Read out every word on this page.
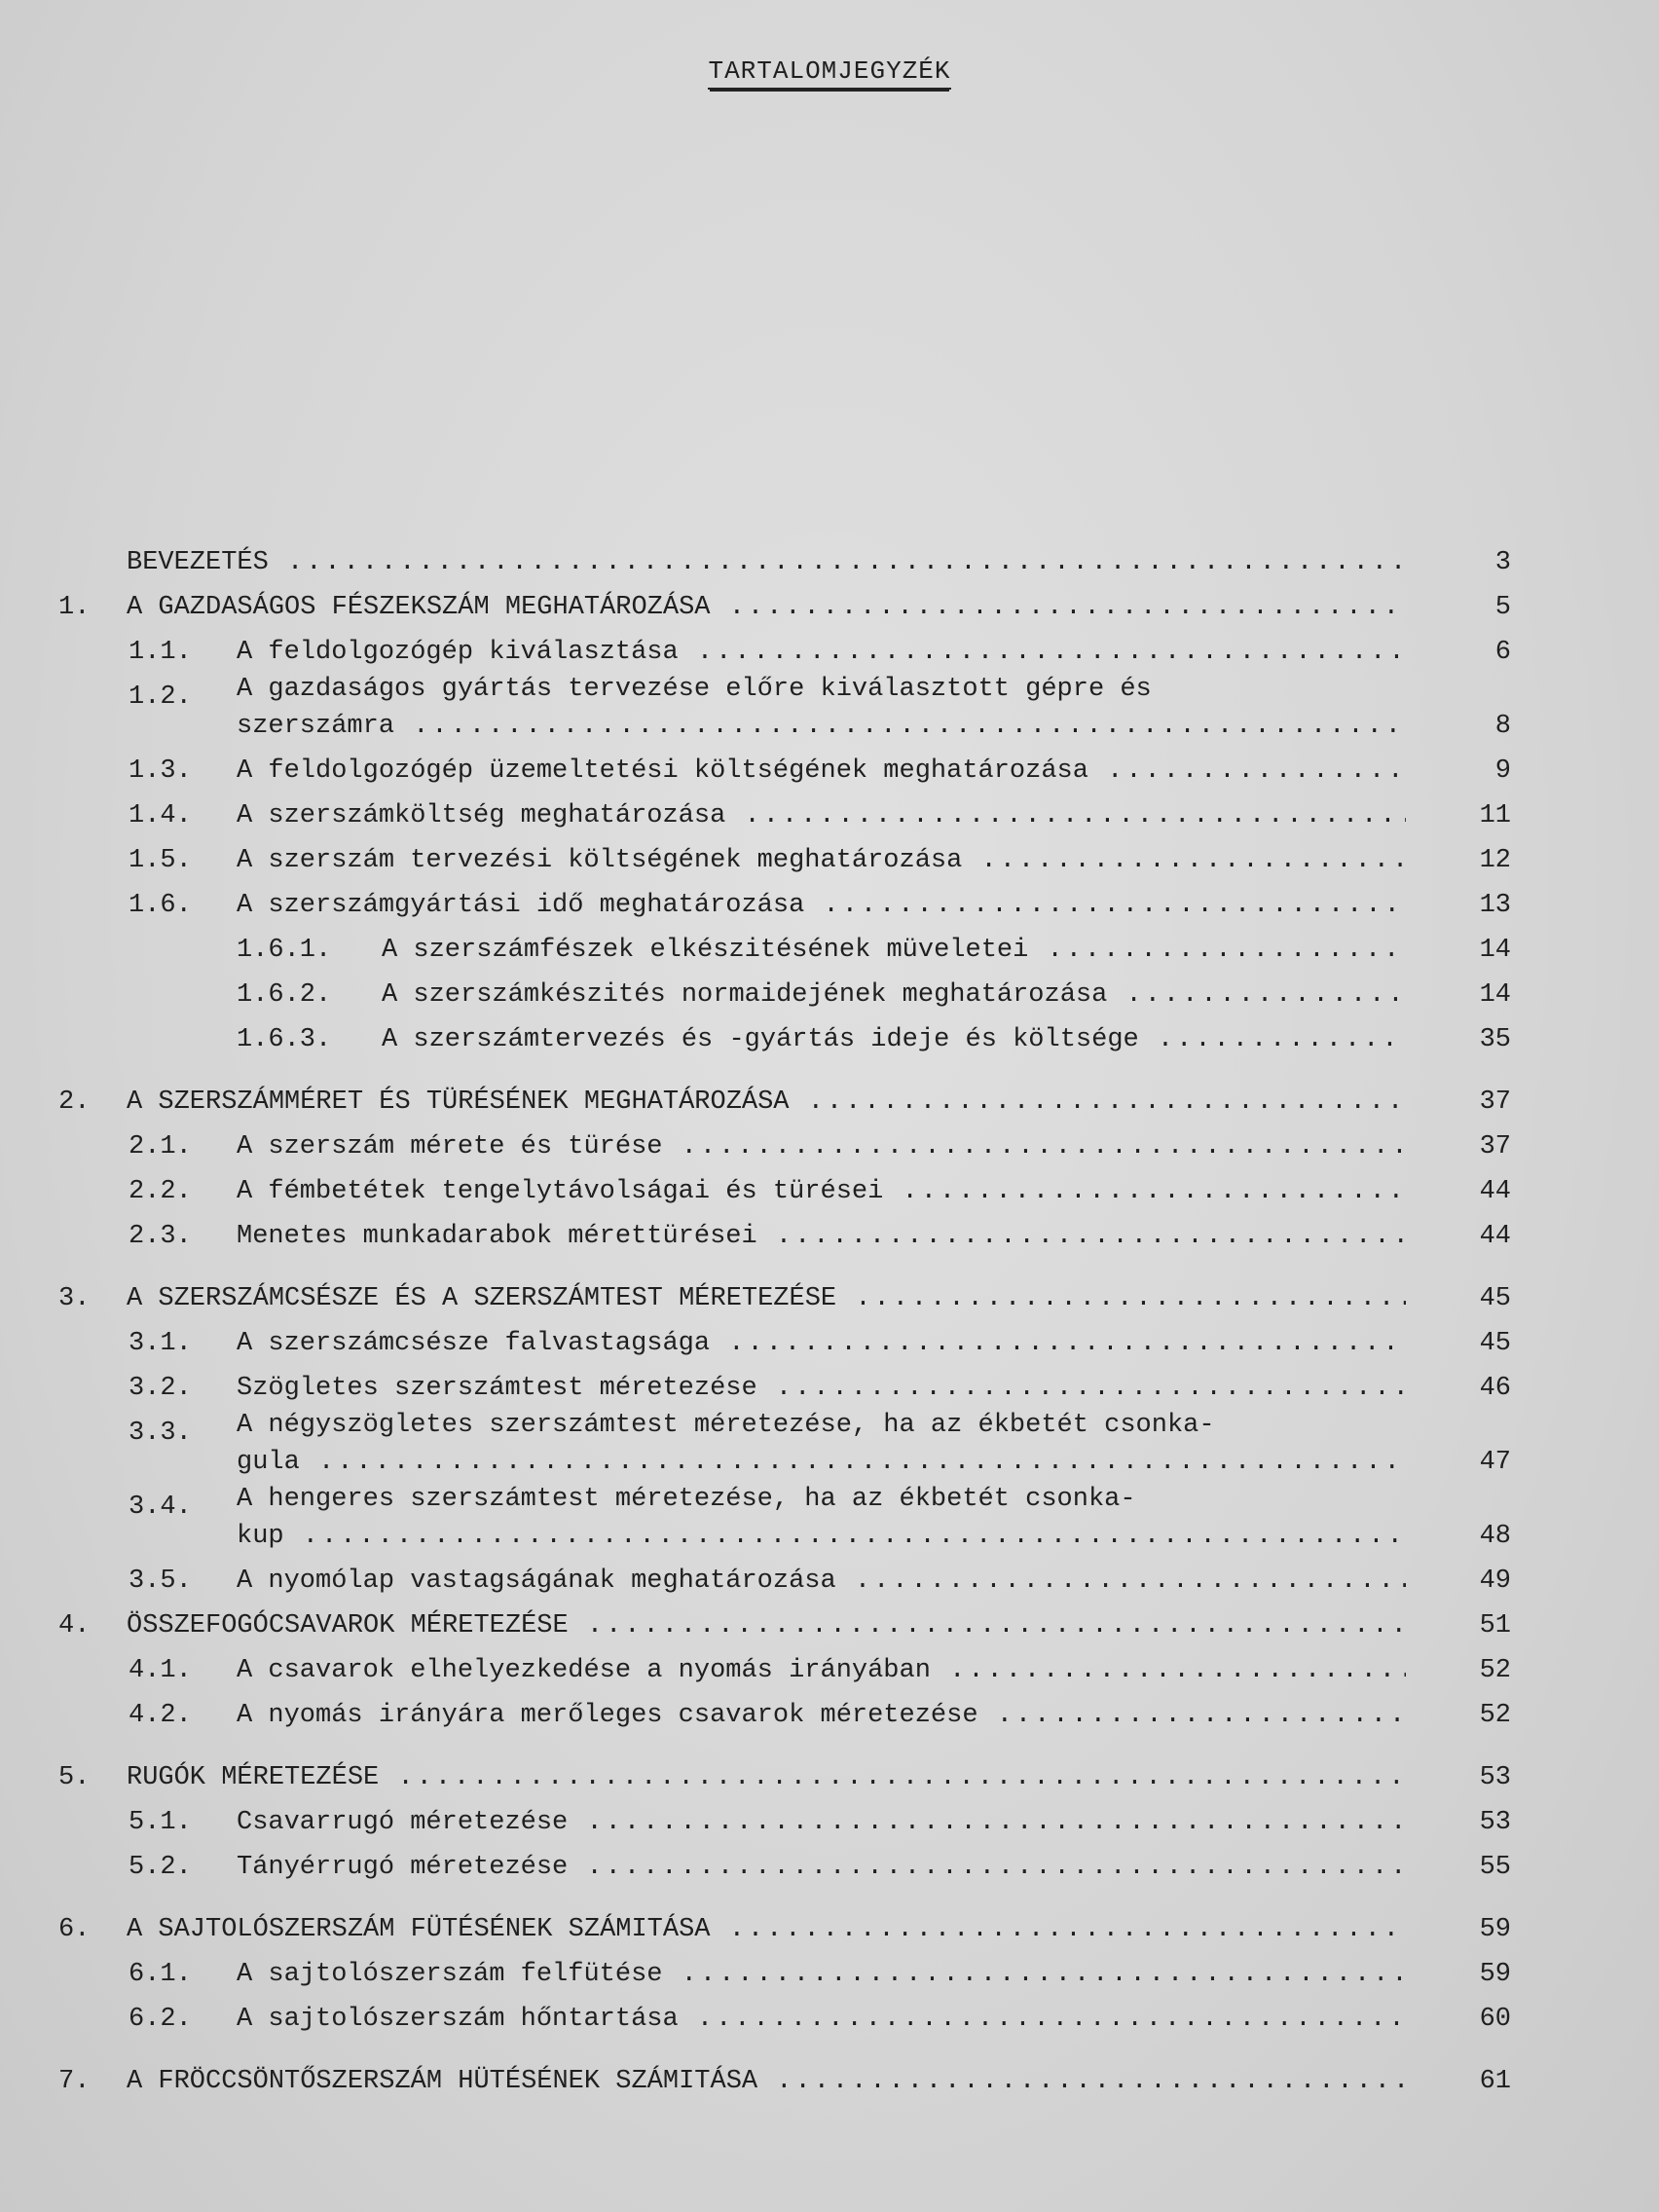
TARTALOMJEGYZÉK
BEVEZETÉS .....	3
1. A GAZDASÁGOS FÉSZEKSZÁM MEGHATÁROZÁSA .....	5
1.1. A feldolgozógép kiválasztása .....	6
1.2. A gazdaságos gyártás tervezése előre kiválasztott gépre és
szerszámra .....	8
1.3. A feldolgozógép üzemeltetési költségének meghatározása .....	9
1.4. A szerszámköltség meghatározása .....	11
1.5. A szerszám tervezési költségének meghatározása .....	12
1.6. A szerszámgyártási idő meghatározása .....	13
1.6.1. A szerszámfészek elkészitésének müveletei .....	14
1.6.2. A szerszámkészités normaidejének meghatározása .....	14
1.6.3. A szerszámtervezés és -gyártás ideje és költsége .....	35
2. A SZERSZÁMMÉRET ÉS TÜRÉSÉNEK MEGHATÁROZÁSA .....	37
2.1. A szerszám mérete és türése .....	37
2.2. A fémbetétek tengelytávolságai és türései .....	44
2.3. Menetes munkadarabok mérettürései .....	44
3. A SZERSZÁMCSÉSZE ÉS A SZERSZÁMTEST MÉRETEZÉSE .....	45
3.1. A szerszámcsésze falvastagsága .....	45
3.2. Szögletes szerszámtest méretezése .....	46
3.3. A négyszögletes szerszámtest méretezése, ha az ékbetét csonka-
gula .....	47
3.4. A hengeres szerszámtest méretezése, ha az ékbetét csonka-
kup .....	48
3.5. A nyomólap vastagságának meghatározása .....	49
4. ÖSSZEFOGÓCSAVAROK MÉRETEZÉSE .....	51
4.1. A csavarok elhelyezkedése a nyomás irányában .....	52
4.2. A nyomás irányára merőleges csavarok méretezése .....	52
5. RUGÓK MÉRETEZÉSE .....	53
5.1. Csavarrugó méretezése .....	53
5.2. Tányérrugó méretezése .....	55
6. A SAJTOLÓSZERSZÁM FÜTÉSÉNEK SZÁMITÁSA .....	59
6.1. A sajtolószerszám felfütése .....	59
6.2. A sajtolószerszám hőntartása .....	60
7. A FRÖCCSÖNTŐSZERSZÁM HÜTÉSÉNEK SZÁMITÁSA .....	61
